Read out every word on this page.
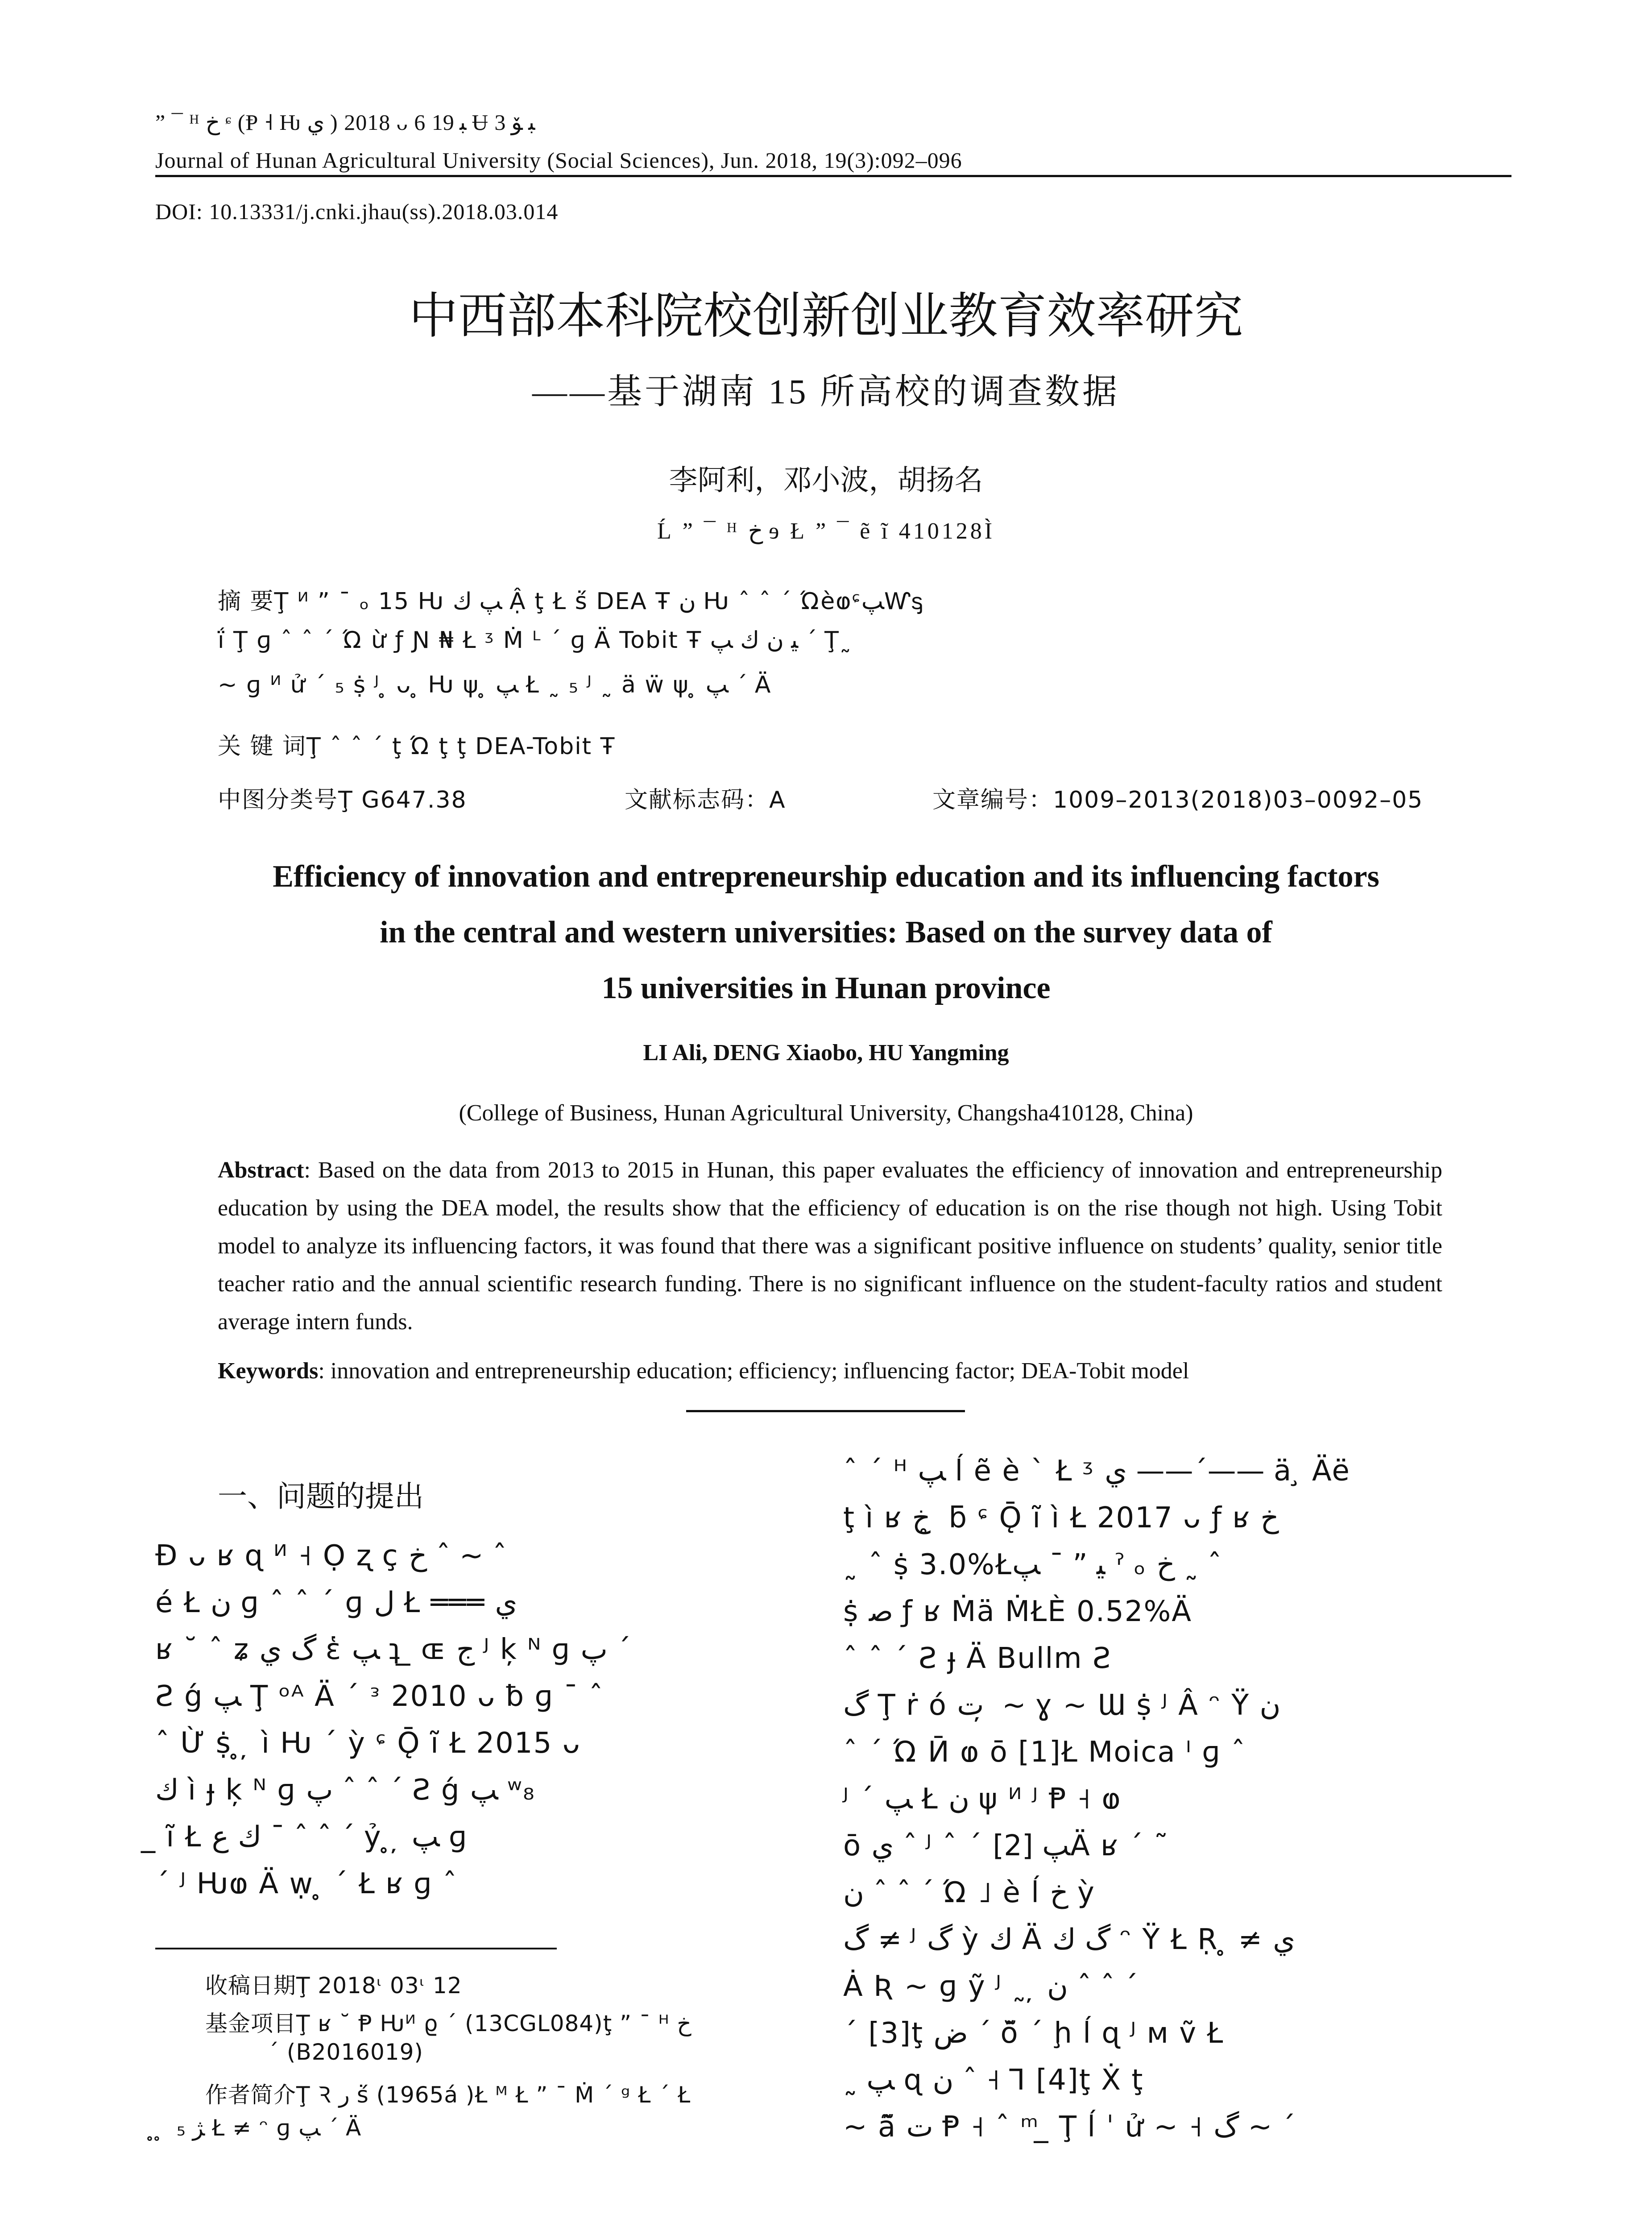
” ¯ ᴴ ﺥ ᶝ (Ᵽ ˧ Ƕ ﻱ ) 2018 ᴗ 6 ﺒ 19 Ʉ ﺒ ﯚ 3
Journal of Hunan Agricultural University (Social Sciences), Jun. 2018, 19(3):092–096
DOI: 10.13331/j.cnki.jhau(ss).2018.03.014
中西部本科院校创新创业教育效率研究
——基于湖南 15 所高校的调查数据
李阿利，邓小波，胡扬名
Ĺ ” ¯ ᴴ ﺥ ɘ Ł ” ¯ ẽ ĩ 410128Ì
摘 要Ţ ᴻ ” ¯ ₒ 15 Ƕ ﭗ ﻙ Ậ ţ Ł ṥ DEA Ŧ ﻥ Ƕ ˆ ˆ ˊ ΏèⱷᶝﭗⱲᶊ
ḯ Ţ ɡ ˆ ˆ ˊ Ώ ừ ƒ Ɲ ₦ Ł ᶾ Ṁ ᴸ ˊ ɡ Ä Tobit Ŧ ﻴ ﻥ ﻙ ﭗ ˊ Ţ˷
~ ɡ ᴻ ử ˊ ₅ ṩ ᴶ ̥ ᴗ ̥ Ƕ ψ ̥ ﭗ Ł ˷ ₅ ᴶ ˷ ä ẅ ψ ̥ ﭗ ˊ Ä
关 键 词Ţ ˆ ˆ ˊ ţ Ώ ţ ţ DEA-Tobit Ŧ
中图分类号Ţ G647.38	文献标志码：A	文章编号：1009–2013(2018)03–0092–05
Efficiency of innovation and entrepreneurship education and its influencing factors
in the central and western universities: Based on the survey data of
15 universities in Hunan province
LI Ali, DENG Xiaobo, HU Yangming
(College of Business, Hunan Agricultural University, Changsha410128, China)
Abstract: Based on the data from 2013 to 2015 in Hunan, this paper evaluates the efficiency of innovation and entrepreneurship education by using the DEA model, the results show that the efficiency of education is on the rise though not high. Using Tobit model to analyze its influencing factors, it was found that there was a significant positive influence on students’ quality, senior title teacher ratio and the annual scientific research funding. There is no significant influence on the student-faculty ratios and student average intern funds.
Keywords: innovation and entrepreneurship education; efficiency; influencing factor; DEA-Tobit model
一、问题的提出
Ɖ ᴗ ʁ ɋ ᴻ ˧ Ọ ʐ ç ﺥ ˆ ~ ˆ
é Ł ﻥ ɡ ˆ ˆ ˊ ɡ ﻝ Ł ═══ ﻱ
ʁ ˘ ˆ ʑ ﮒ ﻱ ἑ ﭗ ʇ ̲ ɶ ﺝ ᴶ ķ ᴺ ɡ ﭖ ˊ
Ƨ ǵ ﭗ Ţ ᵒᴬ Ä ˊ ᵌ 2010 ᴗ ƀ ɡ ¯ ˆ
ˆ Ừ ṩ ̥ ̦ ì Ƕ ˊ ỳ ᶝ Ǭ ĩ Ł 2015 ᴗ
ﻙ ì ɟ ķ ᴺ ɡ ﭖ ˆ ˆ ˊ Ƨ ǵ ﭗ ʷ₈
̲ ĩ Ł ﻙ ﻉ ¯ ˆ ˆ ˊ ỷ ̥ ̦ ﭗ ɡ
ˊ ᴶ Ƕⱷ Ä ẉ ̥ ˊ Ł ʁ ɡ ˆ
收稿日期Ţ 2018ᶥ 03ᶥ 12
基金项目Ţ ʁ ˘ Ᵽ Ƕᴻ ϱ ˊ (13CGL084)ţ ” ¯ ᴴ ﺥ
ˊ (B2016019)
作者简介Ţ Ꝛ ﺭ ṥ (1965á )Ł ᴹ Ł ” ¯ Ṁ ˊ ᵍ Ł ˊ Ł
̥ ̥ ̥ ﮋ ₅ Ł ≠ ᵔ ɡ ﭗ ˊ Ä
ˆ ˊ ᴴ ﭗ ĺ ẽ è ˋ Ł ᶾ ﻱ ——ˊ—— ä ̧ Äë
ţ ì ʁ ﺥ ̥ ƃ ᶝ Ǭ ĩ ì Ł 2017 ᴗ ƒ ʁ ﺥ
˷ ˆ ṩ 3.0%Łﻴ ” ¯ ﭗ ˀ ₒ ﺥ ˷ ˆ
ṩ ﺻ ƒ ʁ Ṁä ṀŁÈ 0.52%Ä
ˆ ˆ ˊ Ƨ ɟ Ä Bullm Ƨ
ﮒ Ţ ṙ ó ﺕ ̦ ~ ɣ ~ Ɯ ṩ ᴶ Â ᵔ Ÿ ﻥ
ˆ ˊ Ώ Ӣ ⱷ ō [1]Ł Moica ᴵ ɡ ˆ
ᴶ ˊ ﭗ Ł ﻥ ψ ᴻ ᴶ Ᵽ ˧ ⱷ
ō ﻱ ˆ ᴶ ˆ ˊ ﭗ [2]Ä ʁ ˊ ˜
ﻥ ˆ ˆ ˊ Ώ ˩ è ĺ ﺥ ỳ
ﮒ ≠ ᴶ ﮒ ỳ ﻙ Ä ﮒ ﻙ ᵔ Ÿ Ł Ṛ ̥ ≠ ﻱ
Ȧ Ʀ ~ ɡ ỹ ᴶ ˷ ̦ ﻥ ˆ ˆ ˊ
ˊ [3]ţ ﺽ ˊ ŏ̃ ˊ ḩ ĺ ɋ ᴶ ᴍ ṽ Ł
˷ ﭗ ɋ ﻥ ˆ ˧ Ꞁ [4]ţ Ẋ ţ
~ ã̃ ﺕ Ᵽ ˧ ˆ ᵐ ̲ Ţ ĺ ˈ ử ~ ˧ ﮒ ~ ˊ
